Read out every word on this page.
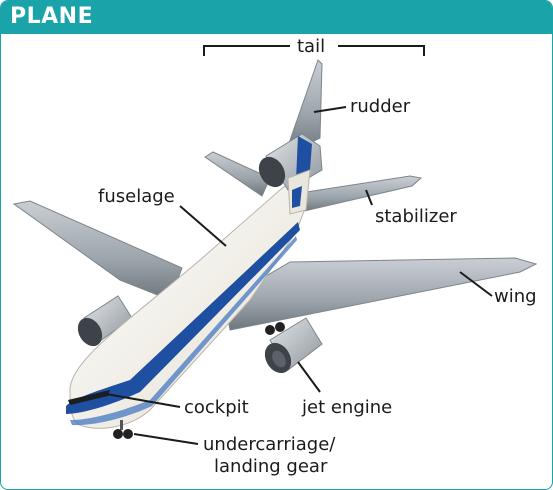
PLANE
tail
rudder
fuselage
stabilizer
wing
cockpit	jet engine
undercarriage/
landing gear
